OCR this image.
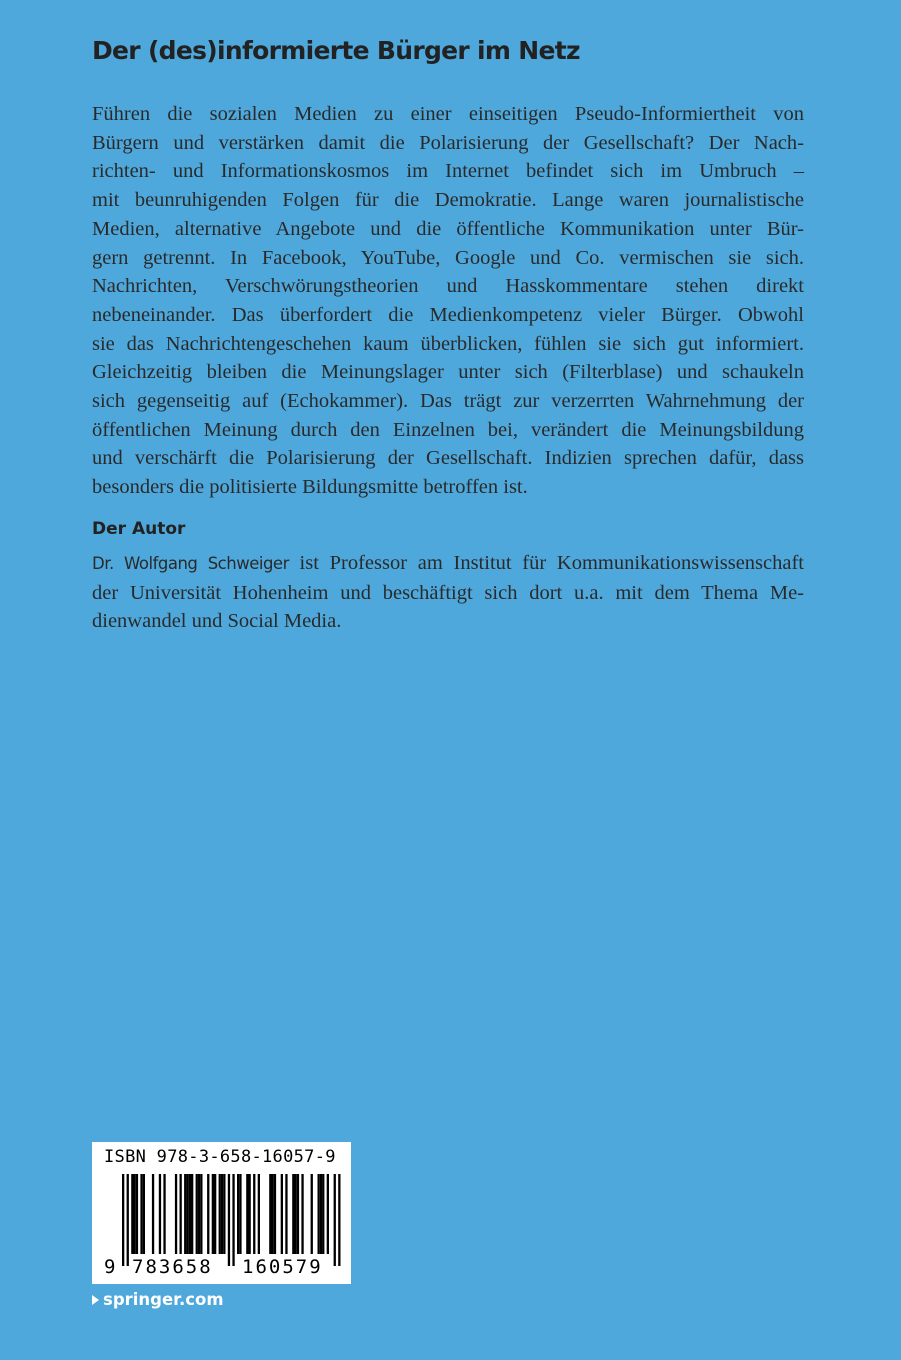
Der (des)informierte Bürger im Netz
Führen die sozialen Medien zu einer einseitigen Pseudo-Informiertheit von
Bürgern und verstärken damit die Polarisierung der Gesellschaft? Der Nach-
richten- und Informationskosmos im Internet befindet sich im Umbruch –
mit beunruhigenden Folgen für die Demokratie. Lange waren journalistische
Medien, alternative Angebote und die öffentliche Kommunikation unter Bür-
gern getrennt. In Facebook, YouTube, Google und Co. vermischen sie sich.
Nachrichten, Verschwörungstheorien und Hasskommentare stehen direkt
nebeneinander. Das überfordert die Medienkompetenz vieler Bürger. Obwohl
sie das Nachrichtengeschehen kaum überblicken, fühlen sie sich gut informiert.
Gleichzeitig bleiben die Meinungslager unter sich (Filterblase) und schaukeln
sich gegenseitig auf (Echokammer). Das trägt zur verzerrten Wahrnehmung der
öffentlichen Meinung durch den Einzelnen bei, verändert die Meinungsbildung
und verschärft die Polarisierung der Gesellschaft. Indizien sprechen dafür, dass
besonders die politisierte Bildungsmitte betroffen ist.
Der Autor
Dr. Wolfgang Schweiger ist Professor am Institut für Kommunikationswissenschaft
der Universität Hohenheim und beschäftigt sich dort u.a. mit dem Thema Me-
dienwandel und Social Media.
ISBN 978-3-658-16057-9
9 783658 160579
springer.com
